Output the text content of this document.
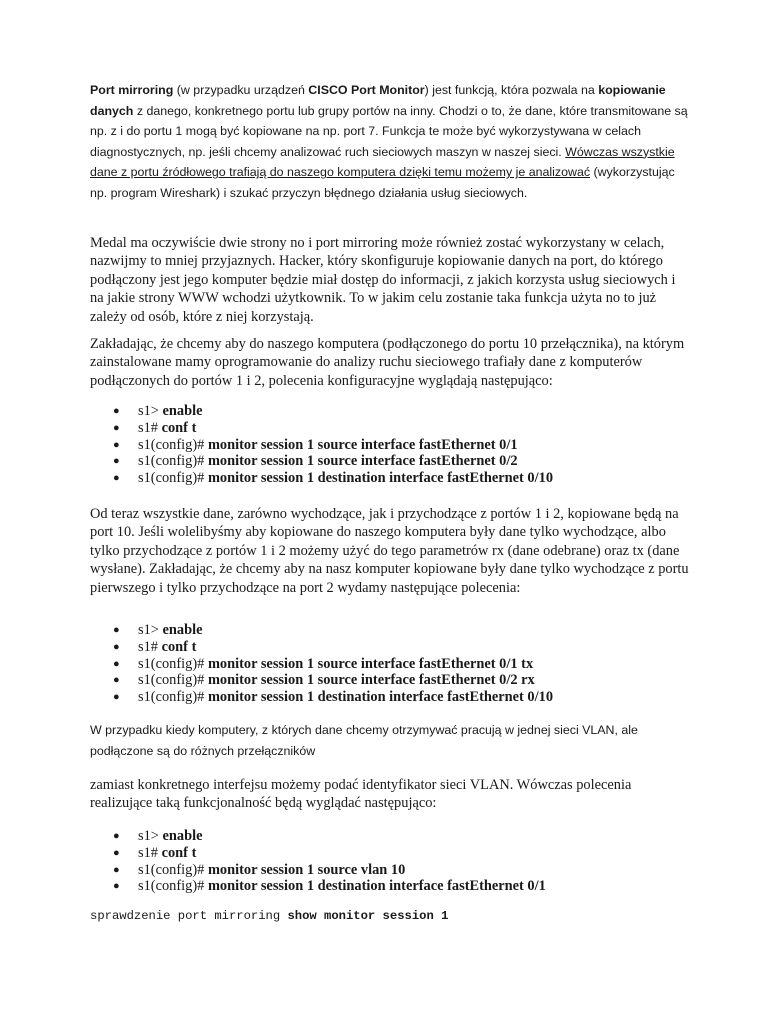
Port mirroring (w przypadku urządzeń CISCO Port Monitor) jest funkcją, która pozwala na kopiowanie danych z danego, konkretnego portu lub grupy portów na inny. Chodzi o to, że dane, które transmitowane są np. z i do portu 1 mogą być kopiowane na np. port 7. Funkcja te może być wykorzystywana w celach diagnostycznych, np. jeśli chcemy analizować ruch sieciowych maszyn w naszej sieci. Wówczas wszystkie dane z portu źródłowego trafiają do naszego komputera dzięki temu możemy je analizować (wykorzystując np. program Wireshark) i szukać przyczyn błędnego działania usług sieciowych.

Medal ma oczywiście dwie strony no i port mirroring może również zostać wykorzystany w celach, nazwijmy to mniej przyjaznych. Hacker, który skonfiguruje kopiowanie danych na port, do którego podłączony jest jego komputer będzie miał dostęp do informacji, z jakich korzysta usług sieciowych i na jakie strony WWW wchodzi użytkownik. To w jakim celu zostanie taka funkcja użyta no to już zależy od osób, które z niej korzystają.

Zakładając, że chcemy aby do naszego komputera (podłączonego do portu 10 przełącznika), na którym zainstalowane mamy oprogramowanie do analizy ruchu sieciowego trafiały dane z komputerów podłączonych do portów 1 i 2, polecenia konfiguracyjne wyglądają następująco:

● s1> enable
● s1# conf t
● s1(config)# monitor session 1 source interface fastEthernet 0/1
● s1(config)# monitor session 1 source interface fastEthernet 0/2
● s1(config)# monitor session 1 destination interface fastEthernet 0/10

Od teraz wszystkie dane, zarówno wychodzące, jak i przychodzące z portów 1 i 2, kopiowane będą na port 10. Jeśli wolelibyśmy aby kopiowane do naszego komputera były dane tylko wychodzące, albo tylko przychodzące z portów 1 i 2 możemy użyć do tego parametrów rx (dane odebrane) oraz tx (dane wysłane). Zakładając, że chcemy aby na nasz komputer kopiowane były dane tylko wychodzące z portu pierwszego i tylko przychodzące na port 2 wydamy następujące polecenia:

● s1> enable
● s1# conf t
● s1(config)# monitor session 1 source interface fastEthernet 0/1 tx
● s1(config)# monitor session 1 source interface fastEthernet 0/2 rx
● s1(config)# monitor session 1 destination interface fastEthernet 0/10

W przypadku kiedy komputery, z których dane chcemy otrzymywać pracują w jednej sieci VLAN, ale podłączone są do różnych przełączników

zamiast konkretnego interfejsu możemy podać identyfikator sieci VLAN. Wówczas polecenia realizujące taką funkcjonalność będą wyglądać następująco:

● s1> enable
● s1# conf t
● s1(config)# monitor session 1 source vlan 10
● s1(config)# monitor session 1 destination interface fastEthernet 0/1

sprawdzenie port mirroring show monitor session 1
